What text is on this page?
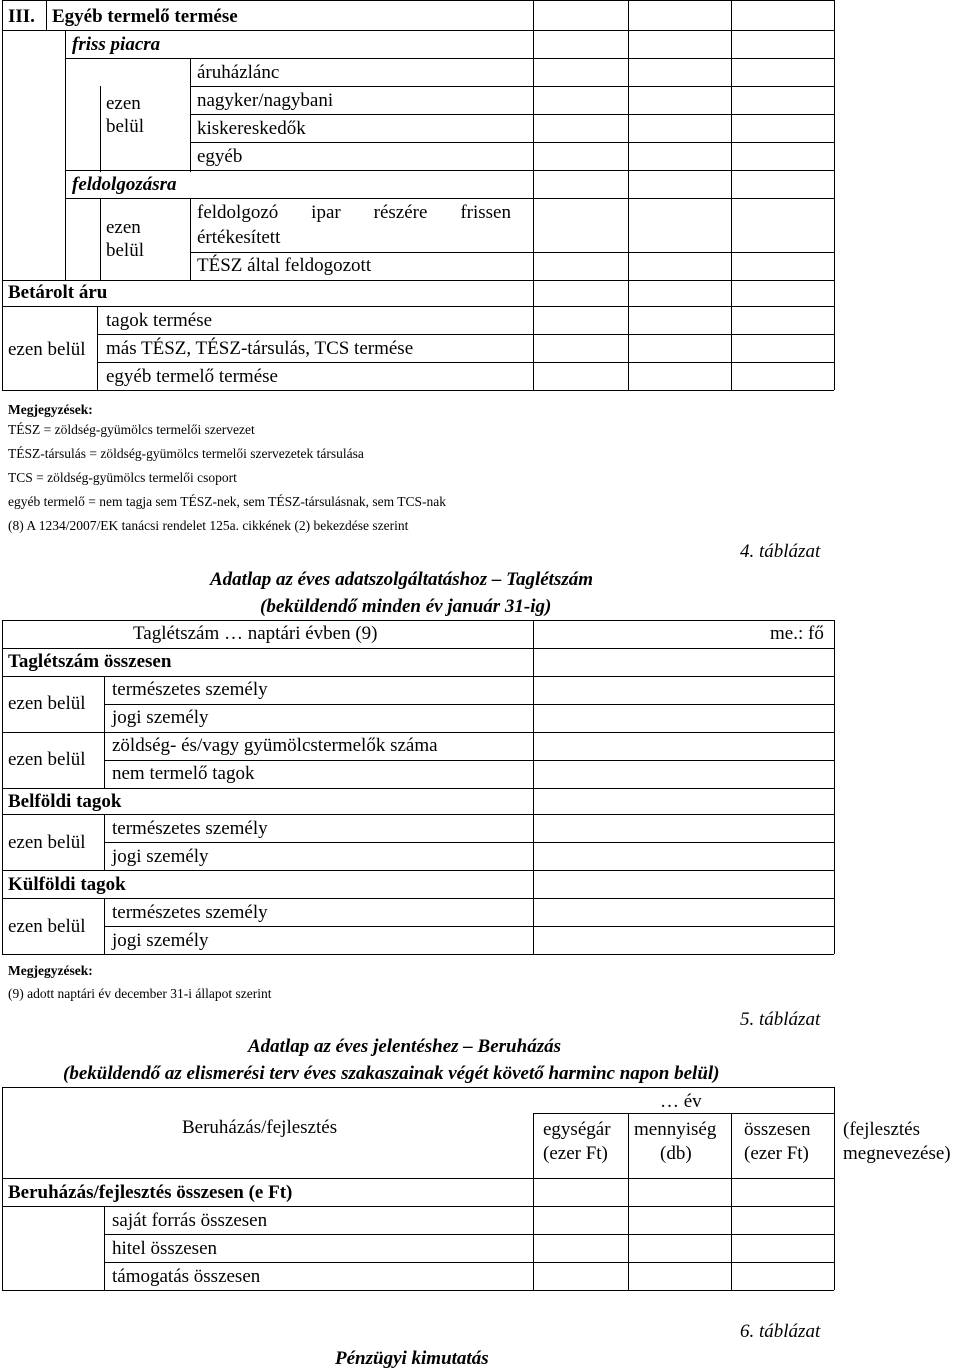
III. Egyéb termelő termése
friss piacra
ezen
belül
áruházlánc
nagyker/nagybani
kiskereskedők
egyéb
feldolgozásra
ezen
belül
feldolgozó ipar részére frissen
értékesített
TÉSZ által feldogozott
Betárolt áru
ezen belül
tagok termése
más TÉSZ, TÉSZ-társulás, TCS termése
egyéb termelő termése
Megjegyzések:
TÉSZ = zöldség-gyümölcs termelői szervezet
TÉSZ-társulás = zöldség-gyümölcs termelői szervezetek társulása
TCS = zöldség-gyümölcs termelői csoport
egyéb termelő = nem tagja sem TÉSZ-nek, sem TÉSZ-társulásnak, sem TCS-nak
(8) A 1234/2007/EK tanácsi rendelet 125a. cikkének (2) bekezdése szerint
4. táblázat
Adatlap az éves adatszolgáltatáshoz – Taglétszám
(beküldendő minden év január 31-ig)
Taglétszám … naptári évben (9)	me.: fő
Taglétszám összesen
ezen belül
természetes személy
jogi személy
ezen belül
zöldség- és/vagy gyümölcstermelők száma
nem termelő tagok
Belföldi tagok
ezen belül
természetes személy
jogi személy
Külföldi tagok
ezen belül
természetes személy
jogi személy
Megjegyzések:
(9) adott naptári év december 31-i állapot szerint
5. táblázat
Adatlap az éves jelentéshez – Beruházás
(beküldendő az elismerési terv éves szakaszainak végét követő harminc napon belül)
Beruházás/fejlesztés
… év
egységár
(ezer Ft)
mennyiség
(db)
összesen
(ezer Ft)
(fejlesztés
megnevezése)
Beruházás/fejlesztés összesen (e Ft)
saját forrás összesen
hitel összesen
támogatás összesen
6. táblázat
Pénzügyi kimutatás
